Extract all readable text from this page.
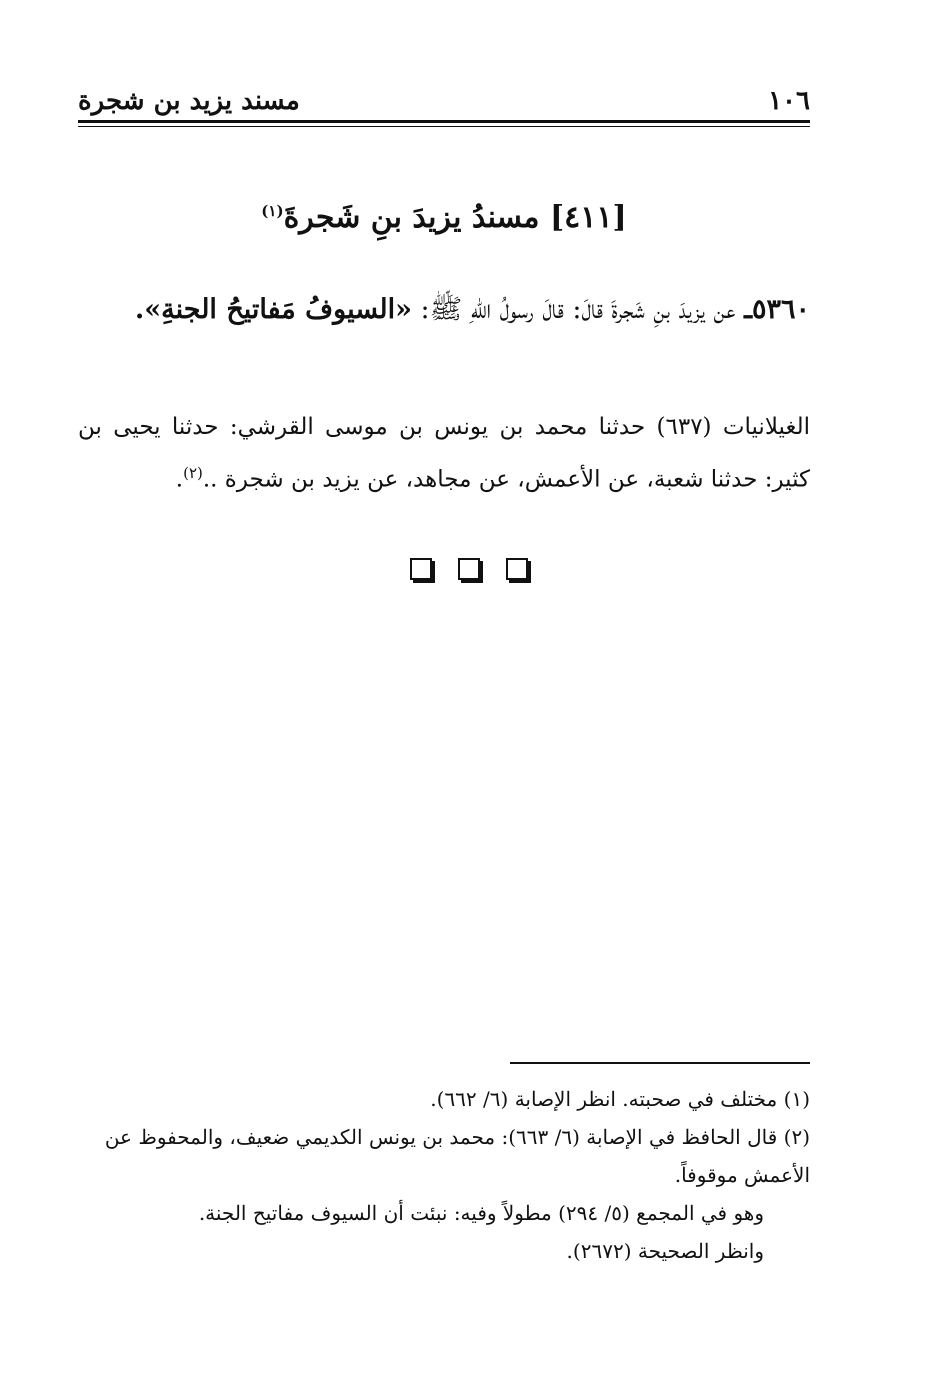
١٠٦
مسند يزيد بن شجرة
[٤١١] مسندُ يزيدَ بنِ شَجرةَ$^{(١)}$
٥٣٦٠ـ عن يزيدَ بنِ شَجرةَ قالَ: قالَ رسولُ اللهِ ﷺ: «السيوفُ مَفاتيحُ الجنةِ».
الغيلانيات (٦٣٧) حدثنا محمد بن يونس بن موسى القرشي: حدثنا يحيى بن كثير: حدثنا شعبة، عن الأعمش، عن مجاهد، عن يزيد بن شجرة ..$^{(٢)}$.

(١) مختلف في صحبته. انظر الإصابة (٦/ ٦٦٢).

(٢) قال الحافظ في الإصابة (٦/ ٦٦٣): محمد بن يونس الكديمي ضعيف، والمحفوظ عن الأعمش موقوفاً.

وهو في المجمع (٥/ ٢٩٤) مطولاً وفيه: نبئت أن السيوف مفاتيح الجنة.

وانظر الصحيحة (٢٦٧٢).
